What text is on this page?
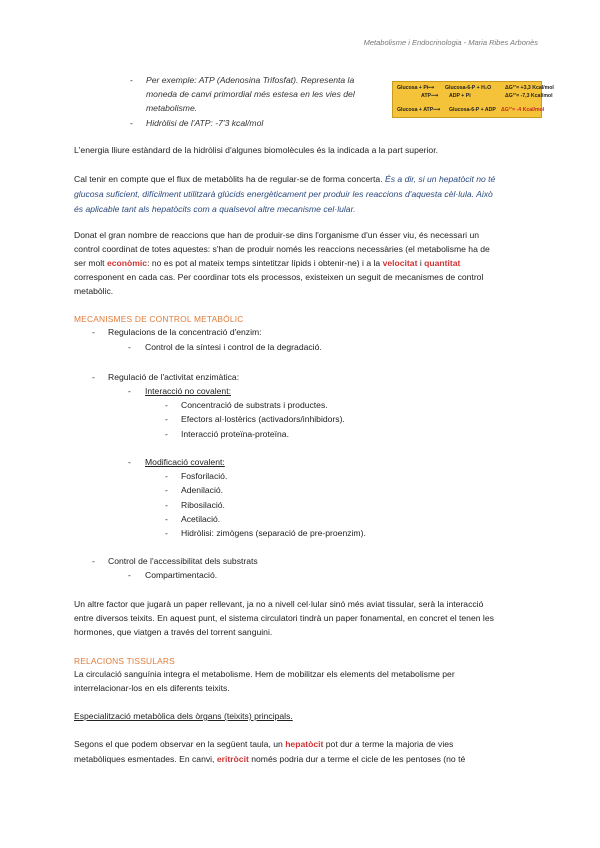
Metabolisme i Endocrinologia - Maria Ribes Arbonès
- Per exemple: ATP (Adenosina Trifosfat). Representa la
moneda de canvi primordial més estesa en les vies del
metabolisme.
- Hidròlisi de l'ATP: -7'3 kcal/mol
Glucosa + Pi
⟶ Glucosa-6-P + H₂O	ΔG°'= +3,3 Kcal/mol
ATP ⟶ ADP + Pi	ΔG°'= -7,3 Kcal/mol
Glucosa + ATP ⟶ Glucosa-6-P + ADP ΔG°'= -4 Kcal/mol
L'energia lliure estàndard de la hidròlisi d'algunes biomolècules és la indicada a la part superior.
Cal tenir en compte que el flux de metabòlits ha de regular-se de forma concerta. És a dir, si un hepatòcit no té
glucosa suficient, difícilment utilitzarà glúcids energèticament per produir les reaccions d'aquesta cèl·lula. Això
és aplicable tant als hepatòcits com a qualsevol altre mecanisme cel·lular.
Donat el gran nombre de reaccions que han de produir-se dins l'organisme d'un ésser viu, és necessari un
control coordinat de totes aquestes: s'han de produir només les reaccions necessàries (el metabolisme ha de
ser molt econòmic: no es pot al mateix temps sintetitzar lípids i obtenir-ne) i a la velocitat i quantitat
corresponent en cada cas. Per coordinar tots els processos, existeixen un seguit de mecanismes de control
metabòlic.
MECANISMES DE CONTROL METABÒLIC
- Regulacions de la concentració d'enzim:
- Control de la síntesi i control de la degradació.
- Regulació de l'activitat enzimàtica:
- Interacció no covalent:
- Concentració de substrats i productes.
- Efectors al·lostèrics (activadors/inhibidors).
- Interacció proteïna-proteïna.
- Modificació covalent:
- Fosforilació.
- Adenilació.
- Ribosilació.
- Acetilació.
- Hidròlisi: zimògens (separació de pre-proenzim).
- Control de l'accessibilitat dels substrats
- Compartimentació.
Un altre factor que jugarà un paper rellevant, ja no a nivell cel·lular sinó més aviat tissular, serà la interacció
entre diversos teixits. En aquest punt, el sistema circulatori tindrà un paper fonamental, en concret el tenen les
hormones, que viatgen a través del torrent sanguini.
RELACIONS TISSULARS
La circulació sanguínia integra el metabolisme. Hem de mobilitzar els elements del metabolisme per
interrelacionar-los en els diferents teixits.
Especialització metabòlica dels òrgans (teixits) principals.
Segons el que podem observar en la següent taula, un hepatòcit pot dur a terme la majoria de vies
metabòliques esmentades. En canvi, eritròcit només podria dur a terme el cicle de les pentoses (no té
